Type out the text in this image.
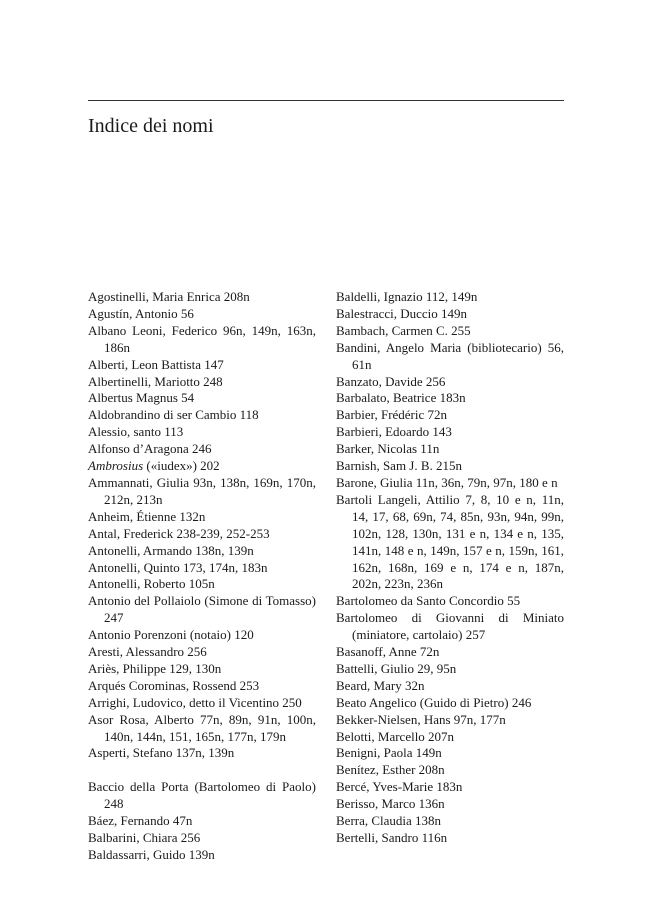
Indice dei nomi
Agostinelli, Maria Enrica 208n
Agustín, Antonio 56
Albano Leoni, Federico 96n, 149n, 163n, 186n
Alberti, Leon Battista 147
Albertinelli, Mariotto 248
Albertus Magnus 54
Aldobrandino di ser Cambio 118
Alessio, santo 113
Alfonso d’Aragona 246
Ambrosius («iudex») 202
Ammannati, Giulia 93n, 138n, 169n, 170n, 212n, 213n
Anheim, Étienne 132n
Antal, Frederick 238-239, 252-253
Antonelli, Armando 138n, 139n
Antonelli, Quinto 173, 174n, 183n
Antonelli, Roberto 105n
Antonio del Pollaiolo (Simone di Tomasso) 247
Antonio Porenzoni (notaio) 120
Aresti, Alessandro 256
Ariès, Philippe 129, 130n
Arqués Corominas, Rossend 253
Arrighi, Ludovico, detto il Vicentino 250
Asor Rosa, Alberto 77n, 89n, 91n, 100n, 140n, 144n, 151, 165n, 177n, 179n
Asperti, Stefano 137n, 139n
Baccio della Porta (Bartolomeo di Paolo) 248
Báez, Fernando 47n
Balbarini, Chiara 256
Baldassarri, Guido 139n
Baldelli, Ignazio 112, 149n
Balestracci, Duccio 149n
Bambach, Carmen C. 255
Bandini, Angelo Maria (bibliotecario) 56, 61n
Banzato, Davide 256
Barbalato, Beatrice 183n
Barbier, Frédéric 72n
Barbieri, Edoardo 143
Barker, Nicolas 11n
Barnish, Sam J. B. 215n
Barone, Giulia 11n, 36n, 79n, 97n, 180 e n
Bartoli Langeli, Attilio 7, 8, 10 e n, 11n, 14, 17, 68, 69n, 74, 85n, 93n, 94n, 99n, 102n, 128, 130n, 131 e n, 134 e n, 135, 141n, 148 e n, 149n, 157 e n, 159n, 161, 162n, 168n, 169 e n, 174 e n, 187n, 202n, 223n, 236n
Bartolomeo da Santo Concordio 55
Bartolomeo di Giovanni di Miniato (miniatore, cartolaio) 257
Basanoff, Anne 72n
Battelli, Giulio 29, 95n
Beard, Mary 32n
Beato Angelico (Guido di Pietro) 246
Bekker-Nielsen, Hans 97n, 177n
Belotti, Marcello 207n
Benigni, Paola 149n
Benítez, Esther 208n
Bercé, Yves-Marie 183n
Berisso, Marco 136n
Berra, Claudia 138n
Bertelli, Sandro 116n
